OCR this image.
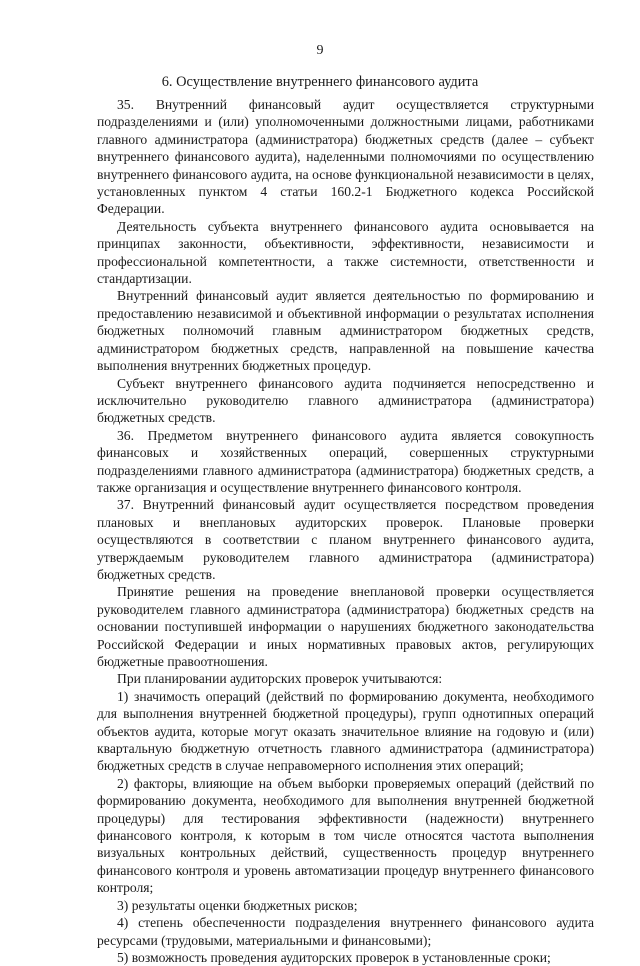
9
6. Осуществление внутреннего финансового аудита

35. Внутренний финансовый аудит осуществляется структурными подразделениями и (или) уполномоченными должностными лицами, работниками главного администратора (администратора) бюджетных средств (далее – субъект внутреннего финансового аудита), наделенными полномочиями по осуществлению внутреннего финансового аудита, на основе функциональной независимости в целях, установленных пунктом 4 статьи 160.2-1 Бюджетного кодекса Российской Федерации.

Деятельность субъекта внутреннего финансового аудита основывается на принципах законности, объективности, эффективности, независимости и профессиональной компетентности, а также системности, ответственности и стандартизации.

Внутренний финансовый аудит является деятельностью по формированию и предоставлению независимой и объективной информации о результатах исполнения бюджетных полномочий главным администратором бюджетных средств, администратором бюджетных средств, направленной на повышение качества выполнения внутренних бюджетных процедур.

Субъект внутреннего финансового аудита подчиняется непосредственно и исключительно руководителю главного администратора (администратора) бюджетных средств.

36. Предметом внутреннего финансового аудита является совокупность финансовых и хозяйственных операций, совершенных структурными подразделениями главного администратора (администратора) бюджетных средств, а также организация и осуществление внутреннего финансового контроля.

37. Внутренний финансовый аудит осуществляется посредством проведения плановых и внеплановых аудиторских проверок. Плановые проверки осуществляются в соответствии с планом внутреннего финансового аудита, утверждаемым руководителем главного администратора (администратора) бюджетных средств.

Принятие решения на проведение внеплановой проверки осуществляется руководителем главного администратора (администратора) бюджетных средств на основании поступившей информации о нарушениях бюджетного законодательства Российской Федерации и иных нормативных правовых актов, регулирующих бюджетные правоотношения.

При планировании аудиторских проверок учитываются:

1) значимость операций (действий по формированию документа, необходимого для выполнения внутренней бюджетной процедуры), групп однотипных операций объектов аудита, которые могут оказать значительное влияние на годовую и (или) квартальную бюджетную отчетность главного администратора (администратора) бюджетных средств в случае неправомерного исполнения этих операций;

2) факторы, влияющие на объем выборки проверяемых операций (действий по формированию документа, необходимого для выполнения внутренней бюджетной процедуры) для тестирования эффективности (надежности) внутреннего финансового контроля, к которым в том числе относятся частота выполнения визуальных контрольных действий, существенность процедур внутреннего финансового контроля и уровень автоматизации процедур внутреннего финансового контроля;

3) результаты оценки бюджетных рисков;

4) степень обеспеченности подразделения внутреннего финансового аудита ресурсами (трудовыми, материальными и финансовыми);

5) возможность проведения аудиторских проверок в установленные сроки;
